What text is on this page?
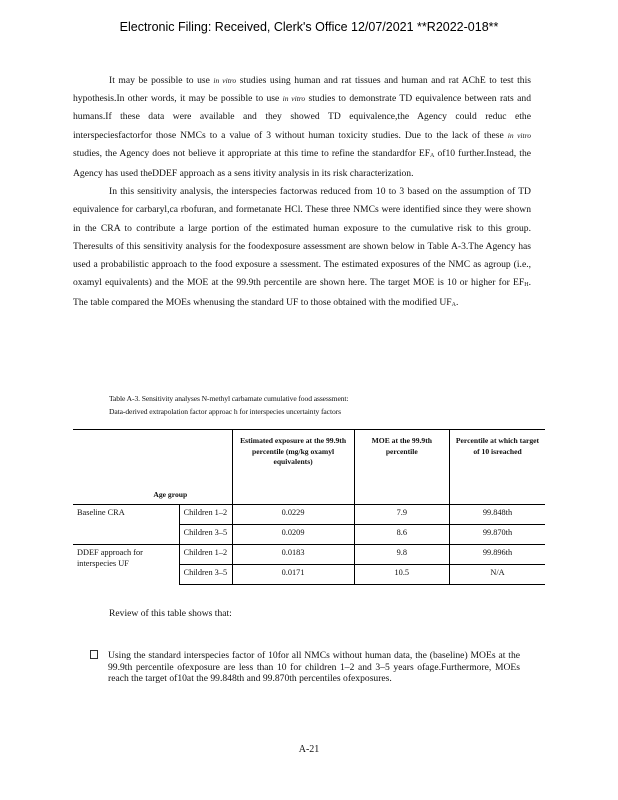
Electronic Filing: Received, Clerk's Office 12/07/2021 **R2022-018**

It may be possible to use in vitro studies using human and rat tissues and human and rat AChE to test this hypothesis.In other words, it may be possible to use in vitro studies to demonstrate TD equivalence between rats and humans.If these data were available and they showed TD equivalence,the Agency could reduc ethe interspeciesfactorfor those NMCs to a value of 3 without human toxicity studies. Due to the lack of these in vitro studies, the Agency does not believe it appropriate at this time to refine the standardfor $EF_A$ of10 further.Instead, the Agency has used theDDEF approach as a sens itivity analysis in its risk characterization.

In this sensitivity analysis, the interspecies factorwas reduced from 10 to 3 based on the assumption of TD equivalence for carbaryl,ca rbofuran, and formetanate HCl. These three NMCs were identified since they were shown in the CRA to contribute a large portion of the estimated human exposure to the cumulative risk to this group. Theresults of this sensitivity analysis for the foodexposure assessment are shown below in Table A-3.The Agency has used a probabilistic approach to the food exposure a ssessment. The estimated exposures of the NMC as agroup (i.e., oxamyl equivalents) and the MOE at the 99.9th percentile are shown here. The target MOE is 10 or higher for $EF_H$. The table compared the MOEs whenusing the standard UF to those obtained with the modified $UF_A$.

Table A-3. Sensitivity analyses N-methyl carbamate cumulative food assessment:
Data-derived extrapolation factor approac h for interspecies uncertainty factors
Age group		Estimated exposure at the 99.9th percentile (mg/kg oxamyl equivalents)	MOE at the 99.9th percentile	Percentile at which target of 10 isreached

Baseline CRA	Children 1–2	0.0229	7.9	99.848th
	Children 3–5	0.0209	8.6	99.870th
DDEF approach for interspecies UF	Children 1–2	0.0183	9.8	99.896th
	Children 3–5	0.0171	10.5	N/A
Review of this table shows that:
Using the standard interspecies factor of 10for all NMCs without human data, the (baseline) MOEs at the 99.9th percentile ofexposure are less than 10 for children 1–2 and 3–5 years ofage.Furthermore, MOEs reach the target of10at the 99.848th and 99.870th percentiles ofexposures.
A-21
